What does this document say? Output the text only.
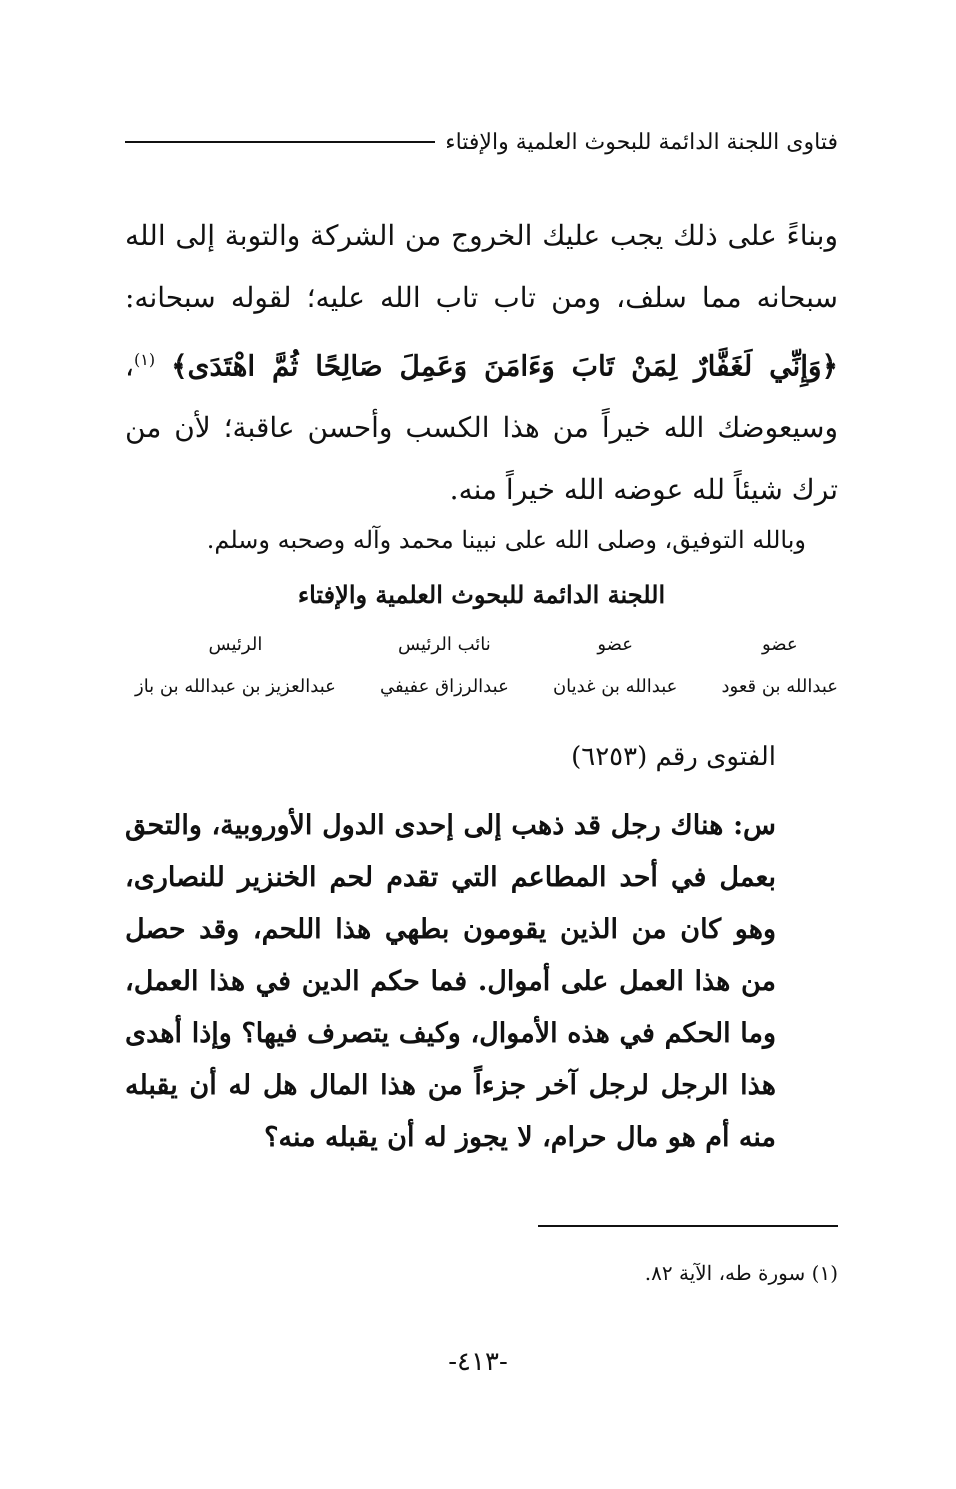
فتاوى اللجنة الدائمة للبحوث العلمية والإفتاء

وبناءً على ذلك يجب عليك الخروج من الشركة والتوبة إلى الله سبحانه مما سلف، ومن تاب تاب الله عليه؛ لقوله سبحانه: ﴿وَإِنِّي لَغَفَّارٌ لِمَنْ تَابَ وَءَامَنَ وَعَمِلَ صَالِحًا ثُمَّ اهْتَدَى﴾ $^{(١)}$، وسيعوضك الله خيراً من هذا الكسب وأحسن عاقبة؛ لأن من ترك شيئاً لله عوضه الله خيراً منه.

وبالله التوفيق، وصلى الله على نبينا محمد وآله وصحبه وسلم.
اللجنة الدائمة للبحوث العلمية والإفتاء
عضو
عبدالله بن قعود
عضو
عبدالله بن غديان
نائب الرئيس
عبدالرزاق عفيفي
الرئيس
عبدالعزيز بن عبدالله بن باز
الفتوى رقم (٦٢٥٣)
س: هناك رجل قد ذهب إلى إحدى الدول الأوروبية، والتحق بعمل في أحد المطاعم التي تقدم لحم الخنزير للنصارى، وهو كان من الذين يقومون بطهي هذا اللحم، وقد حصل من هذا العمل على أموال. فما حكم الدين في هذا العمل، وما الحكم في هذه الأموال، وكيف يتصرف فيها؟ وإذا أهدى هذا الرجل لرجل آخر جزءاً من هذا المال هل له أن يقبله منه أم هو مال حرام، لا يجوز له أن يقبله منه؟
(١) سورة طه، الآية ٨٢.
-٤١٣-
